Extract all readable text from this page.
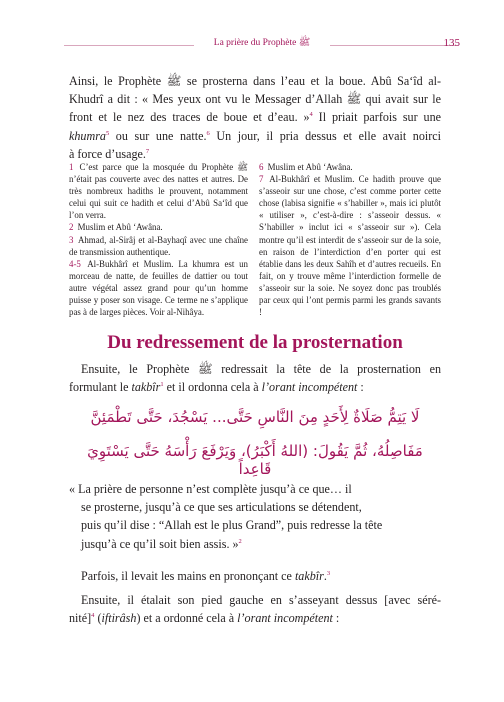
La prière du Prophète ﷺ	135
Ainsi, le Prophète ﷺ se prosterna dans l’eau et la boue. Abû Sa‘îd al-
Khudrî a dit : « Mes yeux ont vu le Messager d’Allah ﷺ qui avait sur le
front et le nez des traces de boue et d’eau. »$^4$ Il priait parfois sur une
khumra$^5$ ou sur une natte.$^6$ Un jour, il pria dessus et elle avait noirci
à force d’usage.$^7$

1 C’est parce que la mosquée du Prophète ﷺ n’était pas couverte avec des nattes et autres. De très nombreux hadiths le prouvent, notamment celui qui suit ce hadith et celui d’Abû Sa‘îd que l’on verra.

2 Muslim et Abû ‘Awâna.

3 Ahmad, al-Sirâj et al-Bayhaqî avec une chaîne de transmission authentique.

4-5 Al-Bukhârî et Muslim. La khumra est un morceau de natte, de feuilles de dattier ou tout autre végétal assez grand pour qu’un homme puisse y poser son visage. Ce terme ne s’applique pas à de larges pièces. Voir al-Nihâya.

6 Muslim et Abû ‘Awâna.

7 Al-Bukhârî et Muslim. Ce hadith prouve que s’asseoir sur une chose, c’est comme porter cette chose (labisa signifie « s’habiller », mais ici plutôt « utiliser », c’est-à-dire : s’asseoir dessus. « S’habiller » inclut ici « s’asseoir sur »). Cela montre qu’il est interdit de s’asseoir sur de la soie, en raison de l’interdiction d’en porter qui est établie dans les deux Sahîh et d’autres recueils. En fait, on y trouve même l’interdiction formelle de s’asseoir sur la soie. Ne soyez donc pas troublés par ceux qui l’ont permis parmi les grands savants !

Du redressement de la prosternation
Ensuite, le Prophète ﷺ redressait la tête de la prosternation en
formulant le takbîr$^1$ et il ordonna cela à l’orant incompétent :
لَا يَتِمُّ صَلَاةٌ لِأَحَدٍ مِنَ النَّاسِ حَتَّى... يَسْجُدَ، حَتَّى تَطْمَئِنَّ
مَفَاصِلُهُ، ثُمَّ يَقُولَ: (اللهُ أَكْبَرُ)، وَيَرْفَعَ رَأْسَهُ حَتَّى يَسْتَوِيَ قَاعِداً
« La prière de personne n’est complète jusqu’à ce que… il
se prosterne, jusqu’à ce que ses articulations se détendent,
puis qu’il dise : “Allah est le plus Grand”, puis redresse la tête
jusqu’à ce qu’il soit bien assis. »$^2$
Parfois, il levait les mains en prononçant ce takbîr.$^3$
Ensuite, il étalait son pied gauche en s’asseyant dessus [avec séré-
nité]$^4$ (iftirâsh) et a ordonné cela à l’orant incompétent :
